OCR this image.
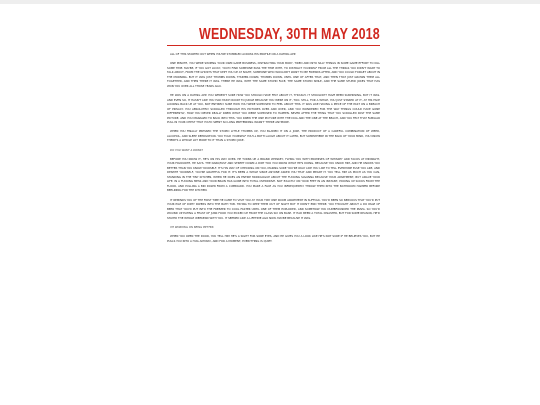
WEDNESDAY, 30TH MAY 2018

ALL OF THIS STARTED OUT WHEN YOU'RE STUMBLED ACROSS HIS PROFILE ON A DATING APP.

ONE MINUTE, YOU WERE SWIPING YOUR OWN GAME BUSINESS, DISTRACTING YOUR BODY, TIRED AND INTO SILLY THINGS IN SOME GAME EFFORT TO KILL SOME TIME. MAYBE, IF YOU GOT LUCKY, YOU'D FIND SOMEONE PASS THE TIME WITH, TO DISTRACT YOURSELF FROM ALL THE THINGS YOU DIDN'T WANT TO TALK ABOUT, FROM THE GHOSTS THAT KEPT YOU UP AT NIGHT, SOMEONE WHO WOULDN'T WANT TO BE FRIENDS AFTER, AND YOU COULD FORGET ABOUT IN THE MORNING. BUT IT WAS JUST THUMBS DOWN, THUMBS DOWN, THUMBS DOWN, UNTIL ONE OF AFTER THAT, AND THEN THAT JUST GROWN THEM ALL TOGETHER, AND THEN THERE IT WAS. THERE HE WAS, WITH THE SAME STUPID FACE, THE SAME STUPID SMILE, AND THE SAME STUPID JOKES THAT HAS WON YOU OVER ALL THOSE YEARS AGO.

HE WAS ON A DATING APP. YOU WEREN'T SURE HOW YOU SHOULD HAVE FELT ABOUT IT, THOUGH. IT SHOULDN'T HAVE BEEN SURPRISING, BUT IT WAS. AND EVEN SO, IT HASN'T LIKE YOU HAD MUCH ROOM TO JUDGE BECAUSE YOU WERE ON IT, TOO. STILL, FOR A WHILE, YOU JUST STARED AT IT, AT HIS FACE LOOKING BACK UP AT YOU, NOT ENTIRELY SURE HOW YOU WERE SUPPOSED TO FEEL ABOUT THIS. IT WAS LIKE HAVING A PIECE OF THE PAST ON A BREACH OF PRIVACY. YOU ABSOLUTELY SCROLLED THROUGH HIS PICTURES OVER AND OVER, AND YOU WONDERED FOR THE WAY THINGS COULD HAVE GONE DIFFERENTLY, HOW YOU NEVER REALLY KNEW WHAT YOU WERE SUPPOSED TO HAPPEN. NEVER AFTER THE THING THAT YOU SCROLLED PAST THE SAME PICTURE, AND YOU MANAGED TO BACK INTO THIS. YOU KNEW THE ONE PICTURE WITH THE DOG AND THE ONE AT THE BEACH, AND YOU FELT THAT FAMILIAR PULL IN YOUR CHEST THAT YOU'D SPENT SO LONG PRETENDING WASN'T THERE ANYMORE.

WHEN YOU FINALLY PRESSED THE STUPID LITTLE THUMBS UP, YOU BLAMED IT ON A JOKE, THE PRODUCT OF A CAREFUL COMBINATION OF WEED, ALCOHOL, AND SLEEP DEPRIVATION. YOU TOLD YOURSELF YOU'LL BOTH LAUGH ABOUT IT LATER, BUT SOMEWHERE IN THE BACK OF YOUR MIND, YOU KNOW THERE'S A WHOLE LOT MORE TO IT THAN A STUPID JOKE.

DO YOU WANT A DRINK?

BEFORE YOU KNOW IT, HE'S ON HIS WAY OVER. HE TURNS UP A BRAND WHISKEY, FLYING YOU WITH PROMISES OF WHISKEY AND TACOS AT MIDNIGHT, YOUR FAVOURITE, HE SAYS. THE DARK/FAST AND STREET DOWN A DIRT TOO YOU KNOW WHAT HE'S DOING, BECAUSE YOU KNOW HIM, AND HE KNOWS YOU BETTER THAN YOU KNOW YOURSELF. IT'S HIS WAY OF CHECKING ON YOU, MAKING SURE YOU'RE OKAY LIKE YOU LIKE TO TELL EVERYONE ELSE YOU ARE, AND DESPITE YOURSELF, YOU'RE GRATEFUL FOR IT. IT'S BEEN A WHILE SINCE ANYONE ASKED YOU THAT AND MEANT IT. YOU TELL HIM AS MUCH AS YOU CAN, STANDING IN THE TINY KITCHEN, WHEN HE DOES AN ENTIRE MONOLOGUE ABOUT THE FUCKING SAVANNA BECAUSE YOUR APARTMENT, BUT ARGUE YOUR LIFE. IN A FUCKING MESS AND YOUR BRAIN HAS GONE INTO TOTAL OVERDRIVE. NOT EXACTLY ON YOUR FEET IN AN INSTANT, PICKING UP SOCKS FROM THE FLOOR, AND PULLING A BIN DOWN FROM A CUPBOARD. YOU MAKE A FACE AS YOU INFREQUENTLY THROW THEM INTO THE BATHROOM HAMPER BEFORE BEELINING FOR THE KITCHEN.

IT REMINDS YOU OF THE FIRST TIME HE CAME TO VISIT YOU AT YOUR TINY ONE ROOM APARTMENT IN SUFFOLK. YOU'D BEEN SO NERVOUS THAT YOU'D PUT YOUR PILE OF DIRTY PAPERS INTO THE BATH TUB. TRYING TO KEEP THEM OUT OF SIGHT BUT IT DIDN'T END THERE. YOU THOUGHT ABOUT A DO PAGE OF BEER THAT YOU'D PUT INTO THE FREEZER TO COOL FASTER UNTIL ONE OF THEM EXPLODED, AND SOMEHOW YOU DUMBFOUNDED THE PIZZA. SO YOU'D WOUND UP EATING A FEAST OF JUNK FOOD YOU PICKED UP FROM THE CLASS SIX ON BASE. IT HAD BEEN A TOTAL DISASTER, BUT FOR SOME REASON, HE'D STAYED THE WHOLE WEEKEND WITH YOU. IT SEEMED LIKE A LIFETIME AGO NOW. MAYBE BECAUSE IT WAS.

I'M WORKING ON BEING BETTER.

WHEN YOU OPEN THE DOOR, YOU TELL HIM HE'S A SIGHT FOR SORE EYES, AND HE GIVES YOU A LOOK LIKE HE'S NOT SURE IF HE BELIEVES YOU, BUT HE PULLS YOU INTO A HUG ANYWAY, AND FOR A MOMENT, EVERYTHING IS QUIET.
